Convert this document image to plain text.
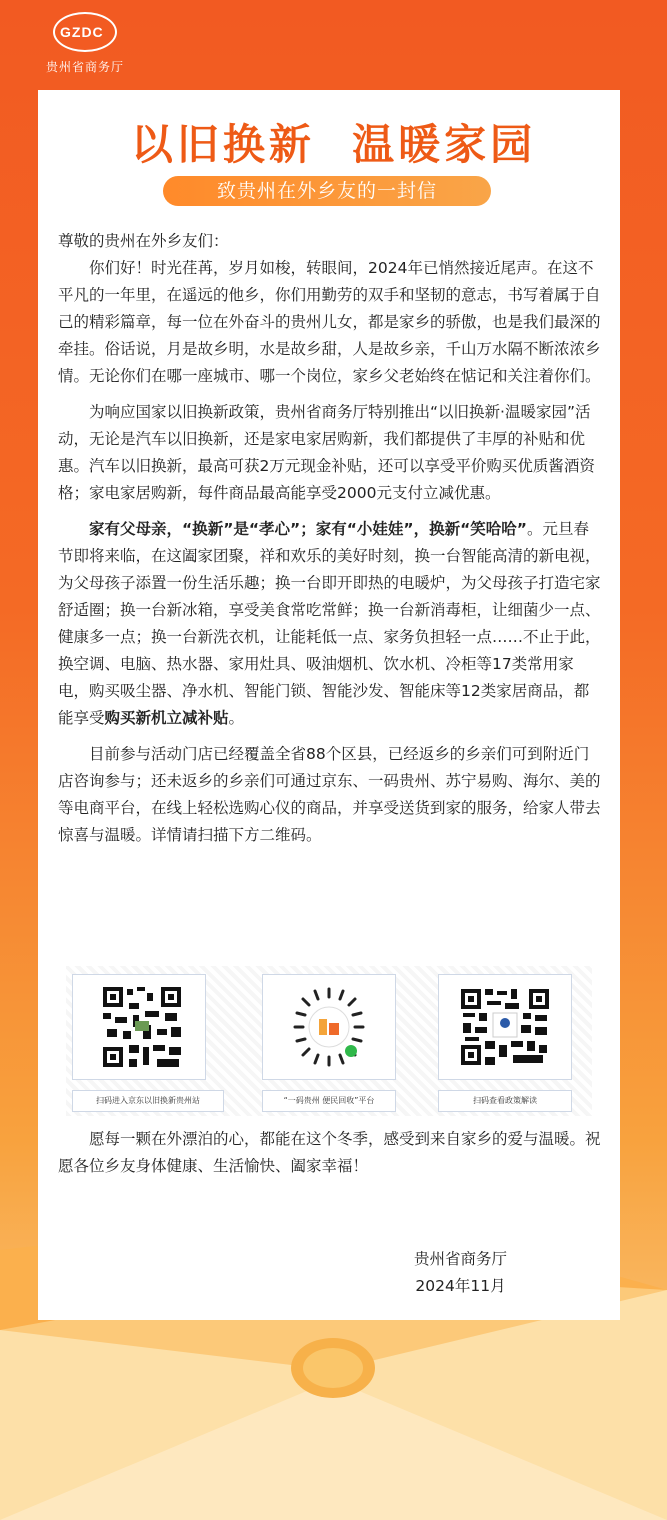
GZDC
贵州省商务厅
以旧换新  温暖家园
致贵州在外乡友的一封信

尊敬的贵州在外乡友们：

你们好！时光荏苒，岁月如梭，转眼间，2024年已悄然接近尾声。在这不平凡的一年里，在遥远的他乡，你们用勤劳的双手和坚韧的意志，书写着属于自己的精彩篇章，每一位在外奋斗的贵州儿女，都是家乡的骄傲，也是我们最深的牵挂。俗话说，月是故乡明，水是故乡甜，人是故乡亲，千山万水隔不断浓浓乡情。无论你们在哪一座城市、哪一个岗位，家乡父老始终在惦记和关注着你们。

为响应国家以旧换新政策，贵州省商务厅特别推出“以旧换新·温暖家园”活动，无论是汽车以旧换新，还是家电家居购新，我们都提供了丰厚的补贴和优惠。汽车以旧换新，最高可获2万元现金补贴，还可以享受平价购买优质酱酒资格；家电家居购新，每件商品最高能享受2000元支付立减优惠。

家有父母亲，“换新”是“孝心”；家有“小娃娃”，换新“笑哈哈”。元旦春节即将来临，在这阖家团聚，祥和欢乐的美好时刻，换一台智能高清的新电视，为父母孩子添置一份生活乐趣；换一台即开即热的电暖炉，为父母孩子打造宅家舒适圈；换一台新冰箱，享受美食常吃常鲜；换一台新消毒柜，让细菌少一点、健康多一点；换一台新洗衣机，让能耗低一点、家务负担轻一点……不止于此，换空调、电脑、热水器、家用灶具、吸油烟机、饮水机、冷柜等17类常用家电，购买吸尘器、净水机、智能门锁、智能沙发、智能床等12类家居商品，都能享受购买新机立减补贴。

目前参与活动门店已经覆盖全省88个区县，已经返乡的乡亲们可到附近门店咨询参与；还未返乡的乡亲们可通过京东、一码贵州、苏宁易购、海尔、美的等电商平台，在线上轻松选购心仪的商品，并享受送货到家的服务，给家人带去惊喜与温暖。详情请扫描下方二维码。

扫码进入京东以旧换新贵州站	“一码贵州 便民回收”平台	扫码查看政策解读

愿每一颗在外漂泊的心，都能在这个冬季，感受到来自家乡的爱与温暖。祝愿各位乡友身体健康、生活愉快、阖家幸福！

贵州省商务厅
2024年11月
